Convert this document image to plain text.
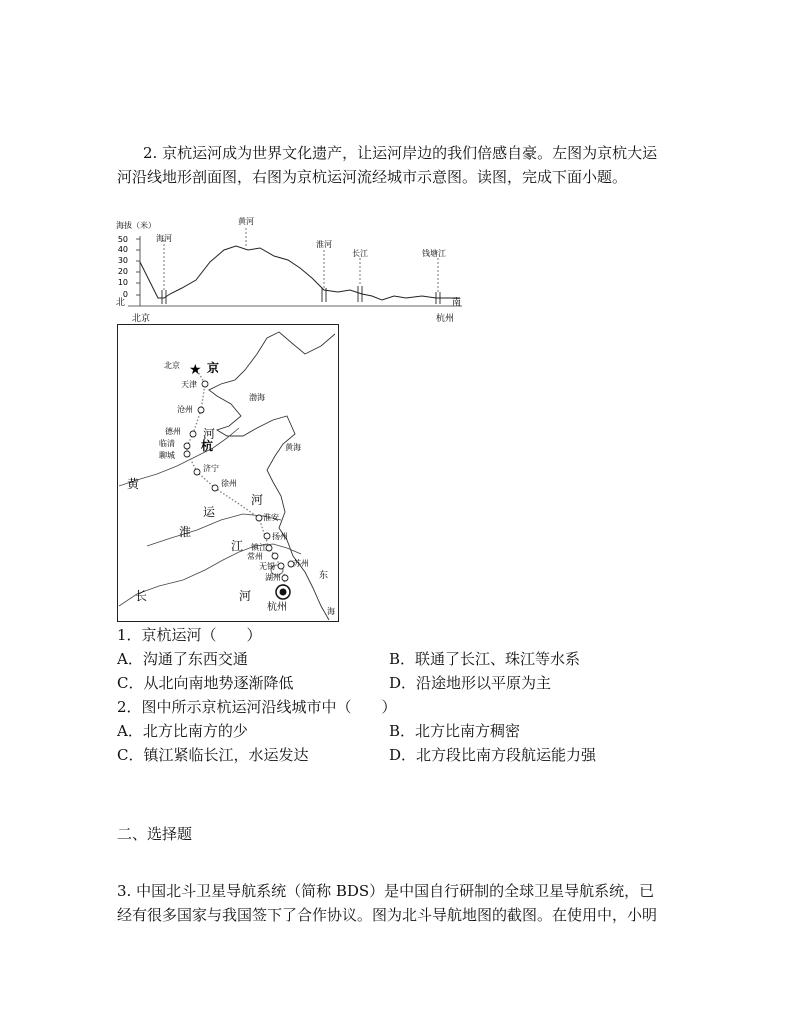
2. 京杭运河成为世界文化遗产，让运河岸边的我们倍感自豪。左图为京杭大运

河沿线地形剖面图，右图为京杭运河流经城市示意图。读图，完成下面小题。

海拔（米）
50
40
30
20
10
0
北	南
海河
黄河
淮河
长江	钱塘江
北京	杭州
★
北京
天津
沧州
德州
临清
聊城
济宁
徐州
淮安
扬州
镇江
常州
无锡 苏州
湖州
杭州
渤海
黄海
东
海
京
杭
河
运
河
黄
淮
江
长	河

1．京杭运河（　　）

A．沟通了东西交通	B．联通了长江、珠江等水系

C．从北向南地势逐渐降低	D．沿途地形以平原为主

2．图中所示京杭运河沿线城市中（　　）

A．北方比南方的少	B．北方比南方稠密

C．镇江紧临长江，水运发达	D．北方段比南方段航运能力强

二、选择题

3. 中国北斗卫星导航系统（简称 BDS）是中国自行研制的全球卫星导航系统，已

经有很多国家与我国签下了合作协议。图为北斗导航地图的截图。在使用中，小明
